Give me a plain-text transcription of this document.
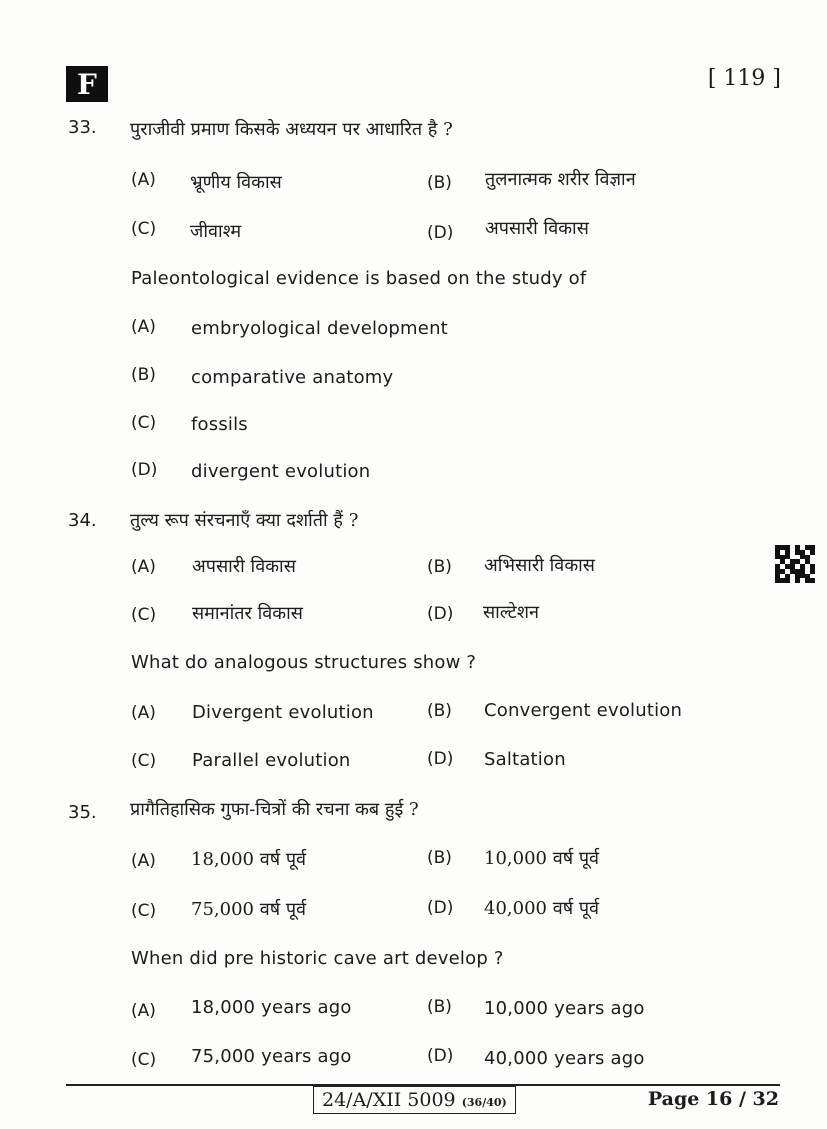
F	[ 119 ]
33. पुराजीवी प्रमाण किसके अध्ययन पर आधारित है ?
(A) भ्रूणीय विकास	(B) तुलनात्मक शरीर विज्ञान
(C) जीवाश्म	(D) अपसारी विकास
Paleontological evidence is based on the study of
(A) embryological development
(B) comparative anatomy
(C) fossils
(D) divergent evolution
34. तुल्य रूप संरचनाएँ क्या दर्शाती हैं ?
(A) अपसारी विकास	(B) अभिसारी विकास
(C) समानांतर विकास	(D) साल्टेशन
What do analogous structures show ?
(A) Divergent evolution	(B) Convergent evolution
(C) Parallel evolution	(D) Saltation
35. प्रागैतिहासिक गुफा-चित्रों की रचना कब हुई ?
(A) 18,000 वर्ष पूर्व	(B) 10,000 वर्ष पूर्व
(C) 75,000 वर्ष पूर्व	(D) 40,000 वर्ष पूर्व
When did pre historic cave art develop ?
(A) 18,000 years ago	(B) 10,000 years ago
(C) 75,000 years ago	(D) 40,000 years ago
24/A/XII 5009 (36/40)	Page 16 / 32
